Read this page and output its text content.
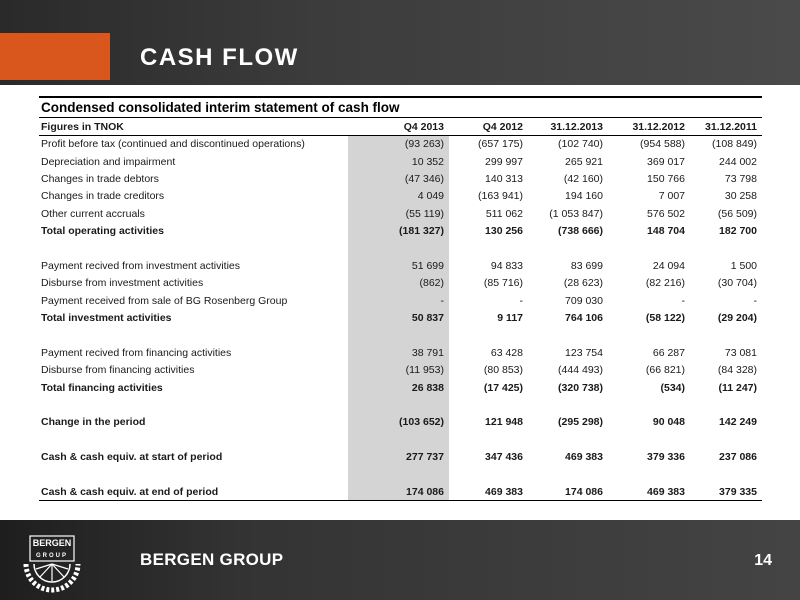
CASH FLOW
Condensed consolidated interim statement of cash flow
Figures in TNOK	Q4 2013	Q4 2012	31.12.2013	31.12.2012	31.12.2011
Profit before tax (continued and discontinued operations)	(93 263)	(657 175)	(102 740)	(954 588)	(108 849)
Depreciation and impairment	10 352	299 997	265 921	369 017	244 002
Changes in trade debtors	(47 346)	140 313	(42 160)	150 766	73 798
Changes in trade creditors	4 049	(163 941)	194 160	7 007	30 258
Other current accruals	(55 119)	511 062	(1 053 847)	576 502	(56 509)
Total operating activities	(181 327)	130 256	(738 666)	148 704	182 700

Payment recived from investment activities	51 699	94 833	83 699	24 094	1 500
Disburse from investment activities	(862)	(85 716)	(28 623)	(82 216)	(30 704)
Payment received from sale of BG Rosenberg Group	-	-	709 030	-	-
Total investment activities	50 837	9 117	764 106	(58 122)	(29 204)

Payment recived from financing activities	38 791	63 428	123 754	66 287	73 081
Disburse from financing activities	(11 953)	(80 853)	(444 493)	(66 821)	(84 328)
Total financing activities	26 838	(17 425)	(320 738)	(534)	(11 247)

Change in the period	(103 652)	121 948	(295 298)	90 048	142 249

Cash & cash equiv. at start of period	277 737	347 436	469 383	379 336	237 086

Cash & cash equiv. at end of period	174 086	469 383	174 086	469 383	379 335
BERGEN
GROUP	BERGEN GROUP	14
